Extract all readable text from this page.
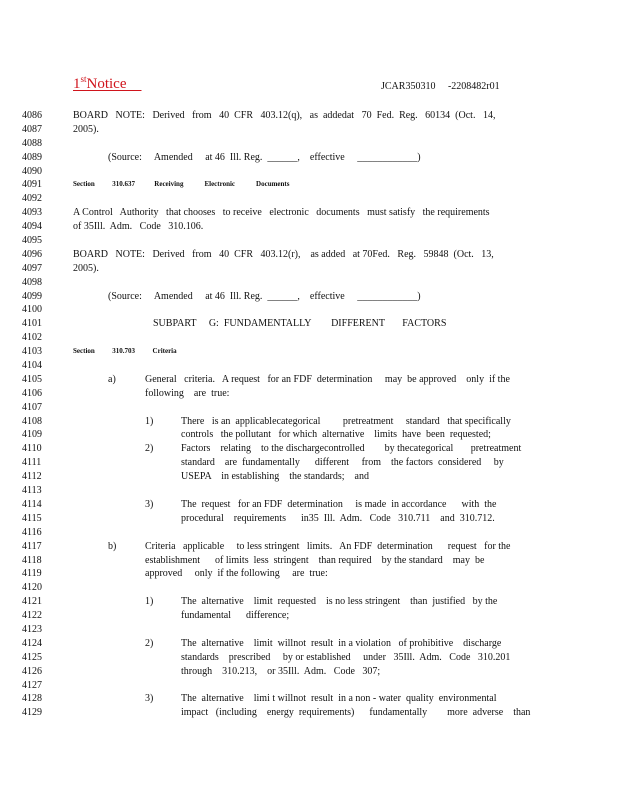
1stNotice	JCAR350310     -2208482r01
4086
4087
4088
4089
4090
4091
4092
4093
4094
4095
4096
4097
4098
4099
4100
4101
4102
4103
4104
4105
4106
4107
4108
4109
4110
4111
4112
4113
4114
4115
4116
4117
4118
4119
4120
4121
4122
4123
4124
4125
4126
4127
4128
4129
BOARD   NOTE:   Derived   from   40  CFR   403.12(q),   as  addedat   70  Fed.  Reg.   60134  (Oct.   14,
2005).
(Source:     Amended     at 46  Ill. Reg.  ______,    effective     ____________)
Section	310.637	Receiving	Electronic	Documents
A Control   Authority   that chooses   to receive   electronic   documents   must satisfy   the requirements
of 35Ill.  Adm.   Code   310.106.
BOARD   NOTE:   Derived   from   40  CFR   403.12(r),    as added   at 70Fed.   Reg.   59848  (Oct.   13,
2005).
(Source:     Amended     at 46  Ill. Reg.  ______,    effective     ____________)
SUBPART     G:  FUNDAMENTALLY        DIFFERENT       FACTORS
Section	310.703	Criteria
a)	General   criteria.   A request   for an FDF  determination     may  be approved    only  if the
following    are  true:
1)	There   is an  applicablecategorical         pretreatment     standard   that specifically
controls   the pollutant   for which  alternative    limits  have  been  requested;
2)	Factors    relating    to the dischargecontrolled        by thecategorical       pretreatment
standard    are  fundamentally      different     from    the factors  considered     by
USEPA    in establishing    the standards;    and
3)	The  request   for an FDF  determination     is made  in accordance      with  the
procedural    requirements      in35  Ill.  Adm.   Code   310.711    and  310.712.
b)	Criteria   applicable     to less stringent   limits.   An FDF  determination      request   for the
establishment      of limits  less  stringent    than required    by the standard    may  be
approved     only  if the following     are  true:
1)	The  alternative    limit  requested    is no less stringent    than  justified   by the
fundamental      difference;
2)	The  alternative    limit  willnot  result  in a violation   of prohibitive    discharge
standards    prescribed     by or established     under   35Ill.  Adm.   Code   310.201
through    310.213,    or 35Ill.  Adm.   Code   307;
3)	The  alternative    limi t willnot  result  in a non - water  quality  environmental
impact   (including    energy  requirements)      fundamentally        more  adverse    than
